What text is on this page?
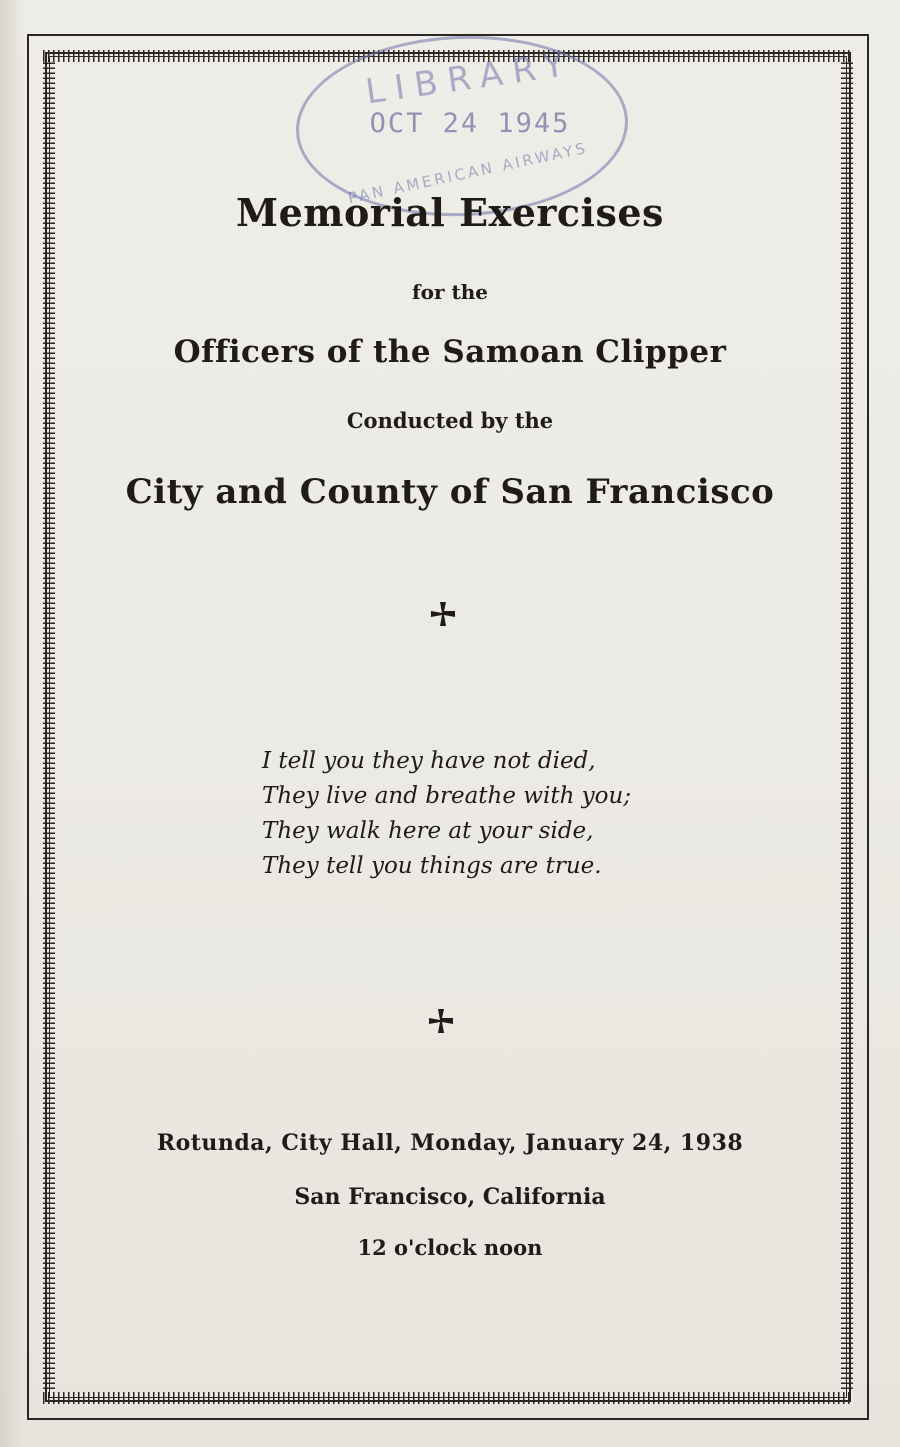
LIBRARY
OCT 24 1945
PAN AMERICAN AIRWAYS
Memorial Exercises
for the
Officers of the Samoan Clipper
Conducted by the
City and County of San Francisco
I tell you they have not died,
They live and breathe with you;
They walk here at your side,
They tell you things are true.
Rotunda, City Hall, Monday, January 24, 1938
San Francisco, California
12 o'clock noon
